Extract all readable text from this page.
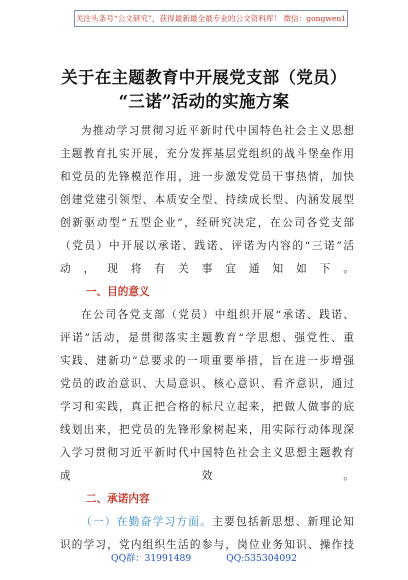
关注头条号“公文研究”，获得最新最全最专业的公文资料库！ 微信：gongwen1
关于在主题教育中开展党支部（党员）
“三诺”活动的实施方案
为推动学习贯彻习近平新时代中国特色社会主义思想
主题教育扎实开展，充分发挥基层党组织的战斗堡垒作用
和党员的先锋模范作用，进一步激发党员干事热情，加快
创建党建引领型、本质安全型、持续成长型、内涵发展型
创新驱动型“五型企业”，经研究决定，在公司各党支部
（党员）中开展以承诺、践诺、评诺为内容的“三诺”活
动，现将有关事宜通知如下。
一、目的意义
在公司各党支部（党员）中组织开展“承诺、践诺、
评诺”活动，是贯彻落实主题教育“学思想、强党性、重
实践、建新功”总要求的一项重要举措，旨在进一步增强
党员的政治意识、大局意识、核心意识、看齐意识，通过
学习和实践，真正把合格的标尺立起来，把做人做事的底
线划出来，把党员的先锋形象树起来，用实际行动体现深
入学习贯彻习近平新时代中国特色社会主义思想主题教育
成效。
二、承诺内容
（一）在勤奋学习方面。主要包括新思想、新理论知
识的学习，党内组织生活的参与，岗位业务知识、操作技
QQ群：31991489	QQ:535304092
